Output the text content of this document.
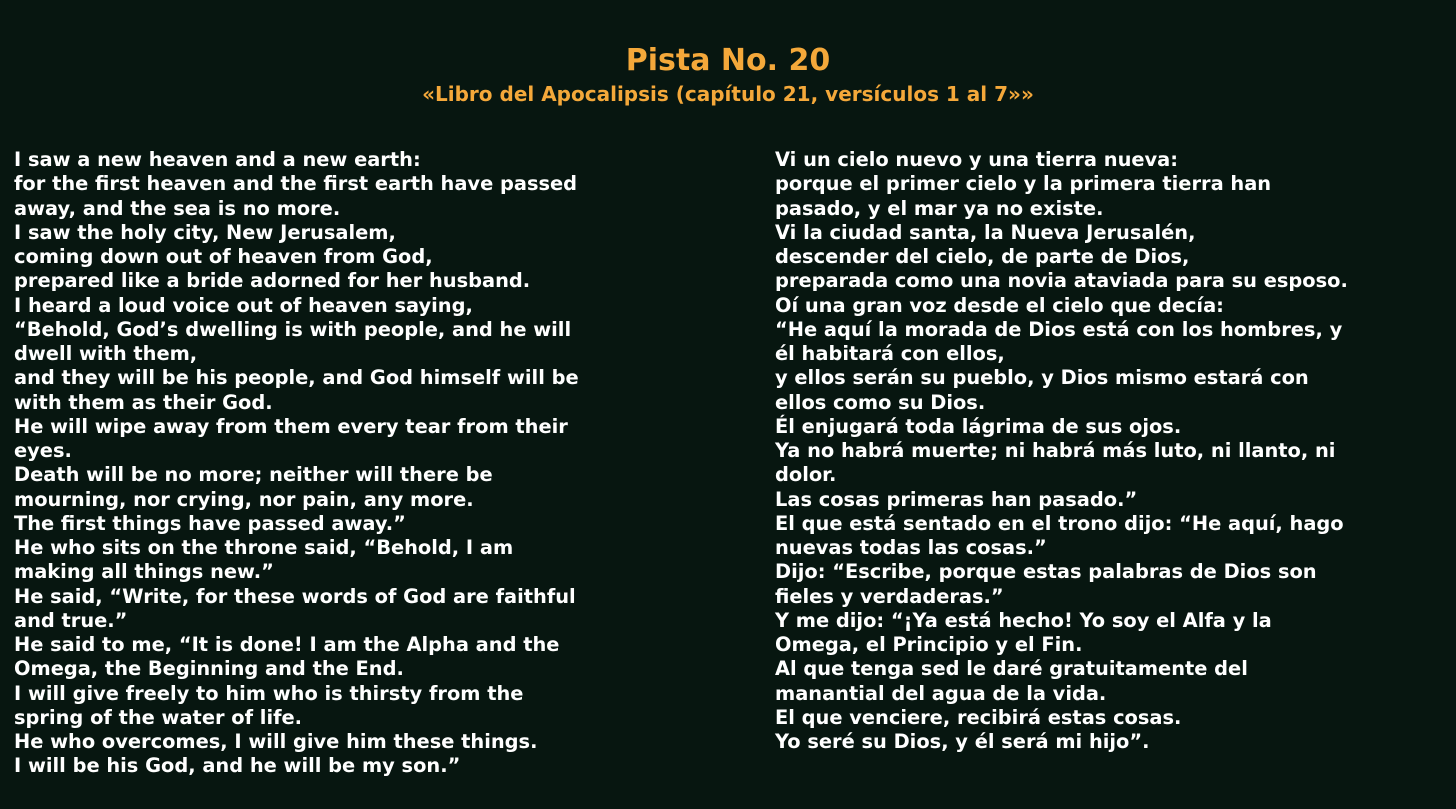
Pista No. 20
«Libro del Apocalipsis (capítulo 21, versículos 1 al 7»»
I saw a new heaven and a new earth:
for the first heaven and the first earth have passed
away, and the sea is no more.
I saw the holy city, New Jerusalem,
coming down out of heaven from God,
prepared like a bride adorned for her husband.
I heard a loud voice out of heaven saying,
“Behold, God’s dwelling is with people, and he will
dwell with them,
and they will be his people, and God himself will be
with them as their God.
He will wipe away from them every tear from their
eyes.
Death will be no more; neither will there be
mourning, nor crying, nor pain, any more.
The first things have passed away.”
He who sits on the throne said, “Behold, I am
making all things new.”
He said, “Write, for these words of God are faithful
and true.”
He said to me, “It is done! I am the Alpha and the
Omega, the Beginning and the End.
I will give freely to him who is thirsty from the
spring of the water of life.
He who overcomes, I will give him these things.
I will be his God, and he will be my son.”
Vi un cielo nuevo y una tierra nueva:
porque el primer cielo y la primera tierra han
pasado, y el mar ya no existe.
Vi la ciudad santa, la Nueva Jerusalén,
descender del cielo, de parte de Dios,
preparada como una novia ataviada para su esposo.
Oí una gran voz desde el cielo que decía:
“He aquí la morada de Dios está con los hombres, y
él habitará con ellos,
y ellos serán su pueblo, y Dios mismo estará con
ellos como su Dios.
Él enjugará toda lágrima de sus ojos.
Ya no habrá muerte; ni habrá más luto, ni llanto, ni
dolor.
Las cosas primeras han pasado.”
El que está sentado en el trono dijo: “He aquí, hago
nuevas todas las cosas.”
Dijo: “Escribe, porque estas palabras de Dios son
fieles y verdaderas.”
Y me dijo: “¡Ya está hecho! Yo soy el Alfa y la
Omega, el Principio y el Fin.
Al que tenga sed le daré gratuitamente del
manantial del agua de la vida.
El que venciere, recibirá estas cosas.
Yo seré su Dios, y él será mi hijo”.
